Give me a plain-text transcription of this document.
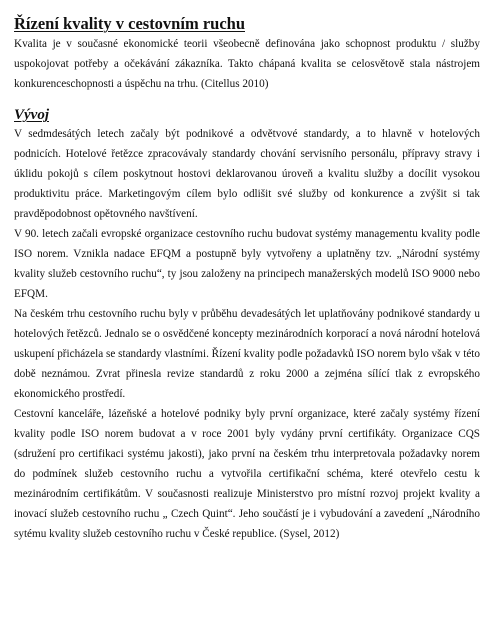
Řízení kvality v cestovním ruchu

Kvalita je v současné ekonomické teorii všeobecně definována jako schopnost produktu / služby uspokojovat potřeby a očekávání zákazníka. Takto chápaná kvalita se celosvětově stala nástrojem konkurenceschopnosti a úspěchu na trhu. (Citellus 2010)

Vývoj

V sedmdesátých letech začaly být podnikové a odvětvové standardy, a to hlavně v hotelových podnicích. Hotelové řetězce zpracovávaly standardy chování servisního personálu, přípravy stravy i úklidu pokojů s cílem poskytnout hostovi deklarovanou úroveň a kvalitu služby a docílit vysokou produktivitu práce. Marketingovým cílem bylo odlišit své služby od konkurence a zvýšit si tak pravděpodobnost opětovného navštívení.

V 90. letech začali evropské organizace cestovního ruchu budovat systémy managementu kvality podle ISO norem. Vznikla nadace EFQM a postupně byly vytvořeny a uplatněny tzv. „Národní systémy kvality služeb cestovního ruchu“, ty jsou založeny na principech manažerských modelů ISO 9000 nebo EFQM.

Na českém trhu cestovního ruchu byly v průběhu devadesátých let uplatňovány podnikové standardy u hotelových řetězců. Jednalo se o osvědčené koncepty mezinárodních korporací a nová národní hotelová uskupení přicházela se standardy vlastními. Řízení kvality podle požadavků ISO norem bylo však v této době neznámou. Zvrat přinesla revize standardů z roku 2000 a zejména sílící tlak z evropského ekonomického prostředí.

Cestovní kanceláře, lázeňské a hotelové podniky byly první organizace, které začaly systémy řízení kvality podle ISO norem budovat a v roce 2001 byly vydány první certifikáty. Organizace CQS (sdružení pro certifikaci systému jakosti), jako první na českém trhu interpretovala požadavky norem do podmínek služeb cestovního ruchu a vytvořila certifikační schéma, které otevřelo cestu k mezinárodním certifikátům. V současnosti realizuje Ministerstvo pro místní rozvoj projekt kvality a inovací služeb cestovního ruchu „ Czech Quint“. Jeho součástí je i vybudování a zavedení „Národního sytému kvality služeb cestovního ruchu v České republice. (Sysel, 2012)
